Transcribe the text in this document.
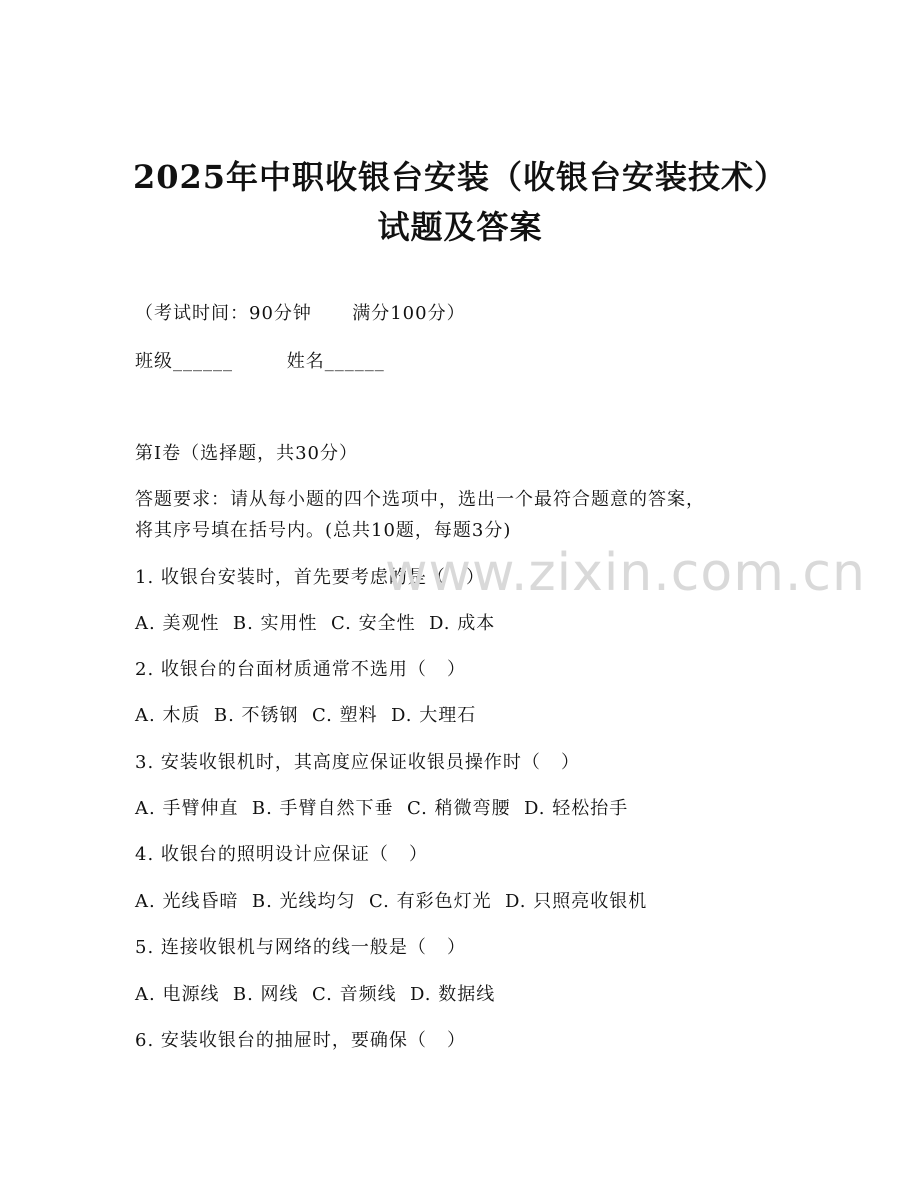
2025年中职收银台安装（收银台安装技术）
试题及答案
（考试时间：90分钟      满分100分）
班级______        姓名______
第I卷（选择题，共30分）
答题要求：请从每小题的四个选项中，选出一个最符合题意的答案，
将其序号填在括号内。(总共10题，每题3分)
1. 收银台安装时，首先要考虑的是（   ）
A. 美观性  B. 实用性  C. 安全性  D. 成本
2. 收银台的台面材质通常不选用（   ）
A. 木质  B. 不锈钢  C. 塑料  D. 大理石
3. 安装收银机时，其高度应保证收银员操作时（   ）
A. 手臂伸直  B. 手臂自然下垂  C. 稍微弯腰  D. 轻松抬手
4. 收银台的照明设计应保证（   ）
A. 光线昏暗  B. 光线均匀  C. 有彩色灯光  D. 只照亮收银机
5. 连接收银机与网络的线一般是（   ）
A. 电源线  B. 网线  C. 音频线  D. 数据线
6. 安装收银台的抽屉时，要确保（   ）
www.zixin.com.cn
